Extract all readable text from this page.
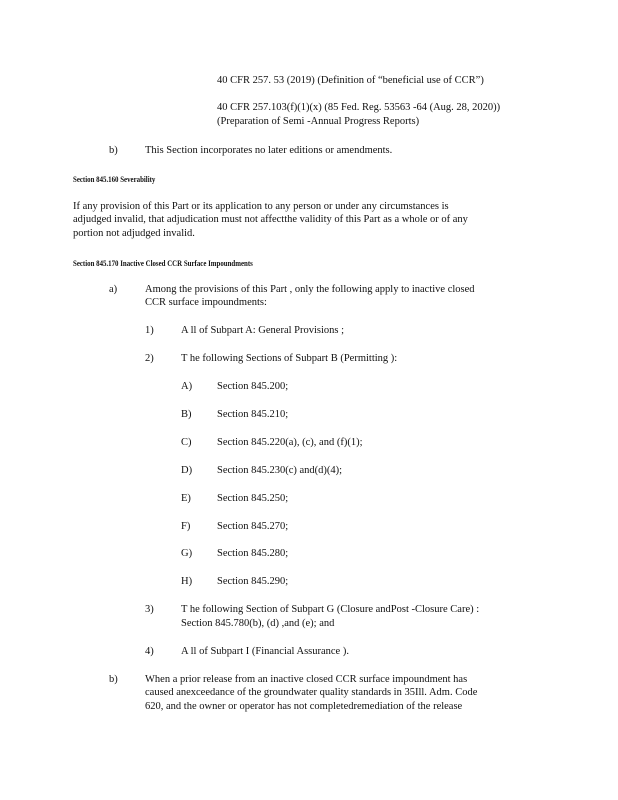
40 CFR 257. 53 (2019) (Definition of “beneficial use of CCR”)
40 CFR 257.103(f)(1)(x) (85 Fed. Reg. 53563 -64 (Aug. 28, 2020))
(Preparation of Semi -Annual Progress Reports)
b)	This Section incorporates no later editions or amendments.
Section 845.160 Severability
If any provision of this Part or its application to any person or under any circumstances is
adjudged invalid, that adjudication must not affectthe validity of this Part as a whole or of any
portion not adjudged invalid.
Section 845.170 Inactive Closed CCR Surface Impoundments
a)	Among the provisions of this Part , only the following apply to inactive closed
CCR surface impoundments:
1)	A ll of Subpart A: General Provisions ;
2)	T he following Sections of Subpart B (Permitting ):
A) Section 845.200;
B) Section 845.210;
C) Section 845.220(a), (c), and (f)(1);
D) Section 845.230(c) and(d)(4);
E) Section 845.250;
F)	Section 845.270;
G) Section 845.280;
H) Section 845.290;
3)	T he following Section of Subpart G (Closure andPost -Closure Care) :
Section 845.780(b), (d) ,and (e); and
4)	A ll of Subpart I (Financial Assurance ).
b)	When a prior release from an inactive closed CCR surface impoundment has
caused anexceedance of the groundwater quality standards in 35Ill. Adm. Code
620, and the owner or operator has not completedremediation of the release
